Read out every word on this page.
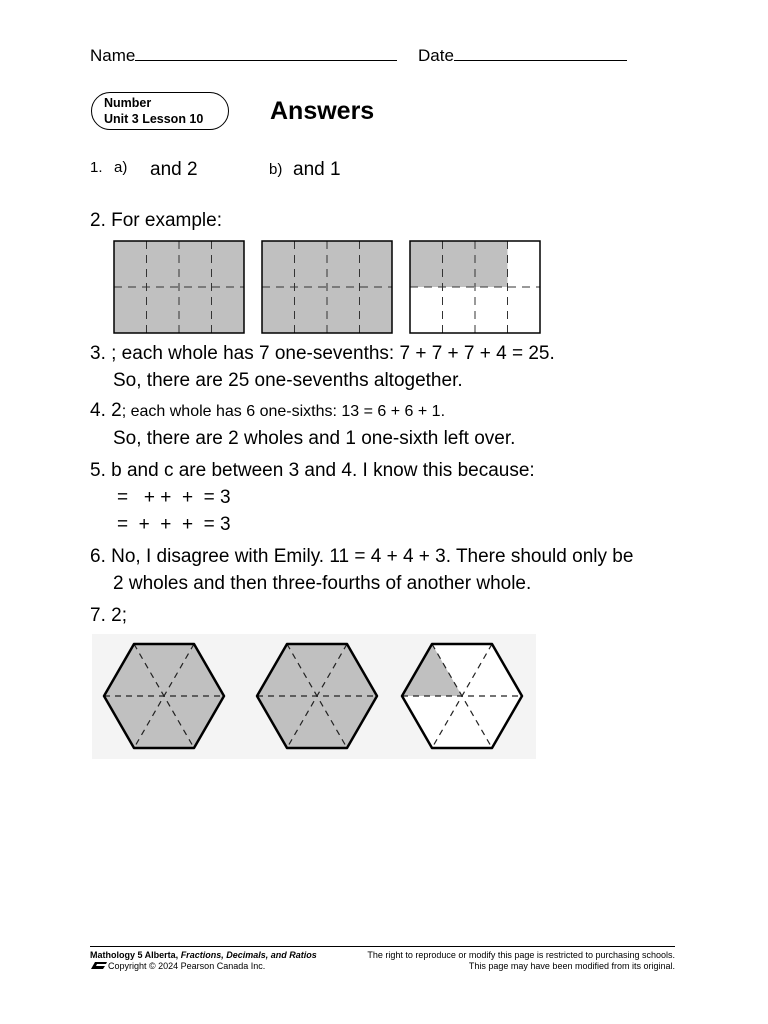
Name	Date
Number
Unit 3 Lesson 10	Answers
1. a) and 2	b) and 1
2. For example:
3. ; each whole has 7 one-sevenths: 7 + 7 + 7 + 4 = 25.
So, there are 25 one-sevenths altogether.
4. 2; each whole has 6 one-sixths: 13 = 6 + 6 + 1.
So, there are 2 wholes and 1 one-sixth left over.
5. b and c are between 3 and 4. I know this because:
=   + +  +  = 3
=  +  +  +  = 3
6. No, I disagree with Emily. 11 = 4 + 4 + 3. There should only be
2 wholes and then three-fourths of another whole.
7. 2;
Mathology 5 Alberta, Fractions, Decimals, and Ratios
Copyright © 2024 Pearson Canada Inc.
The right to reproduce or modify this page is restricted to purchasing schools.
This page may have been modified from its original.
